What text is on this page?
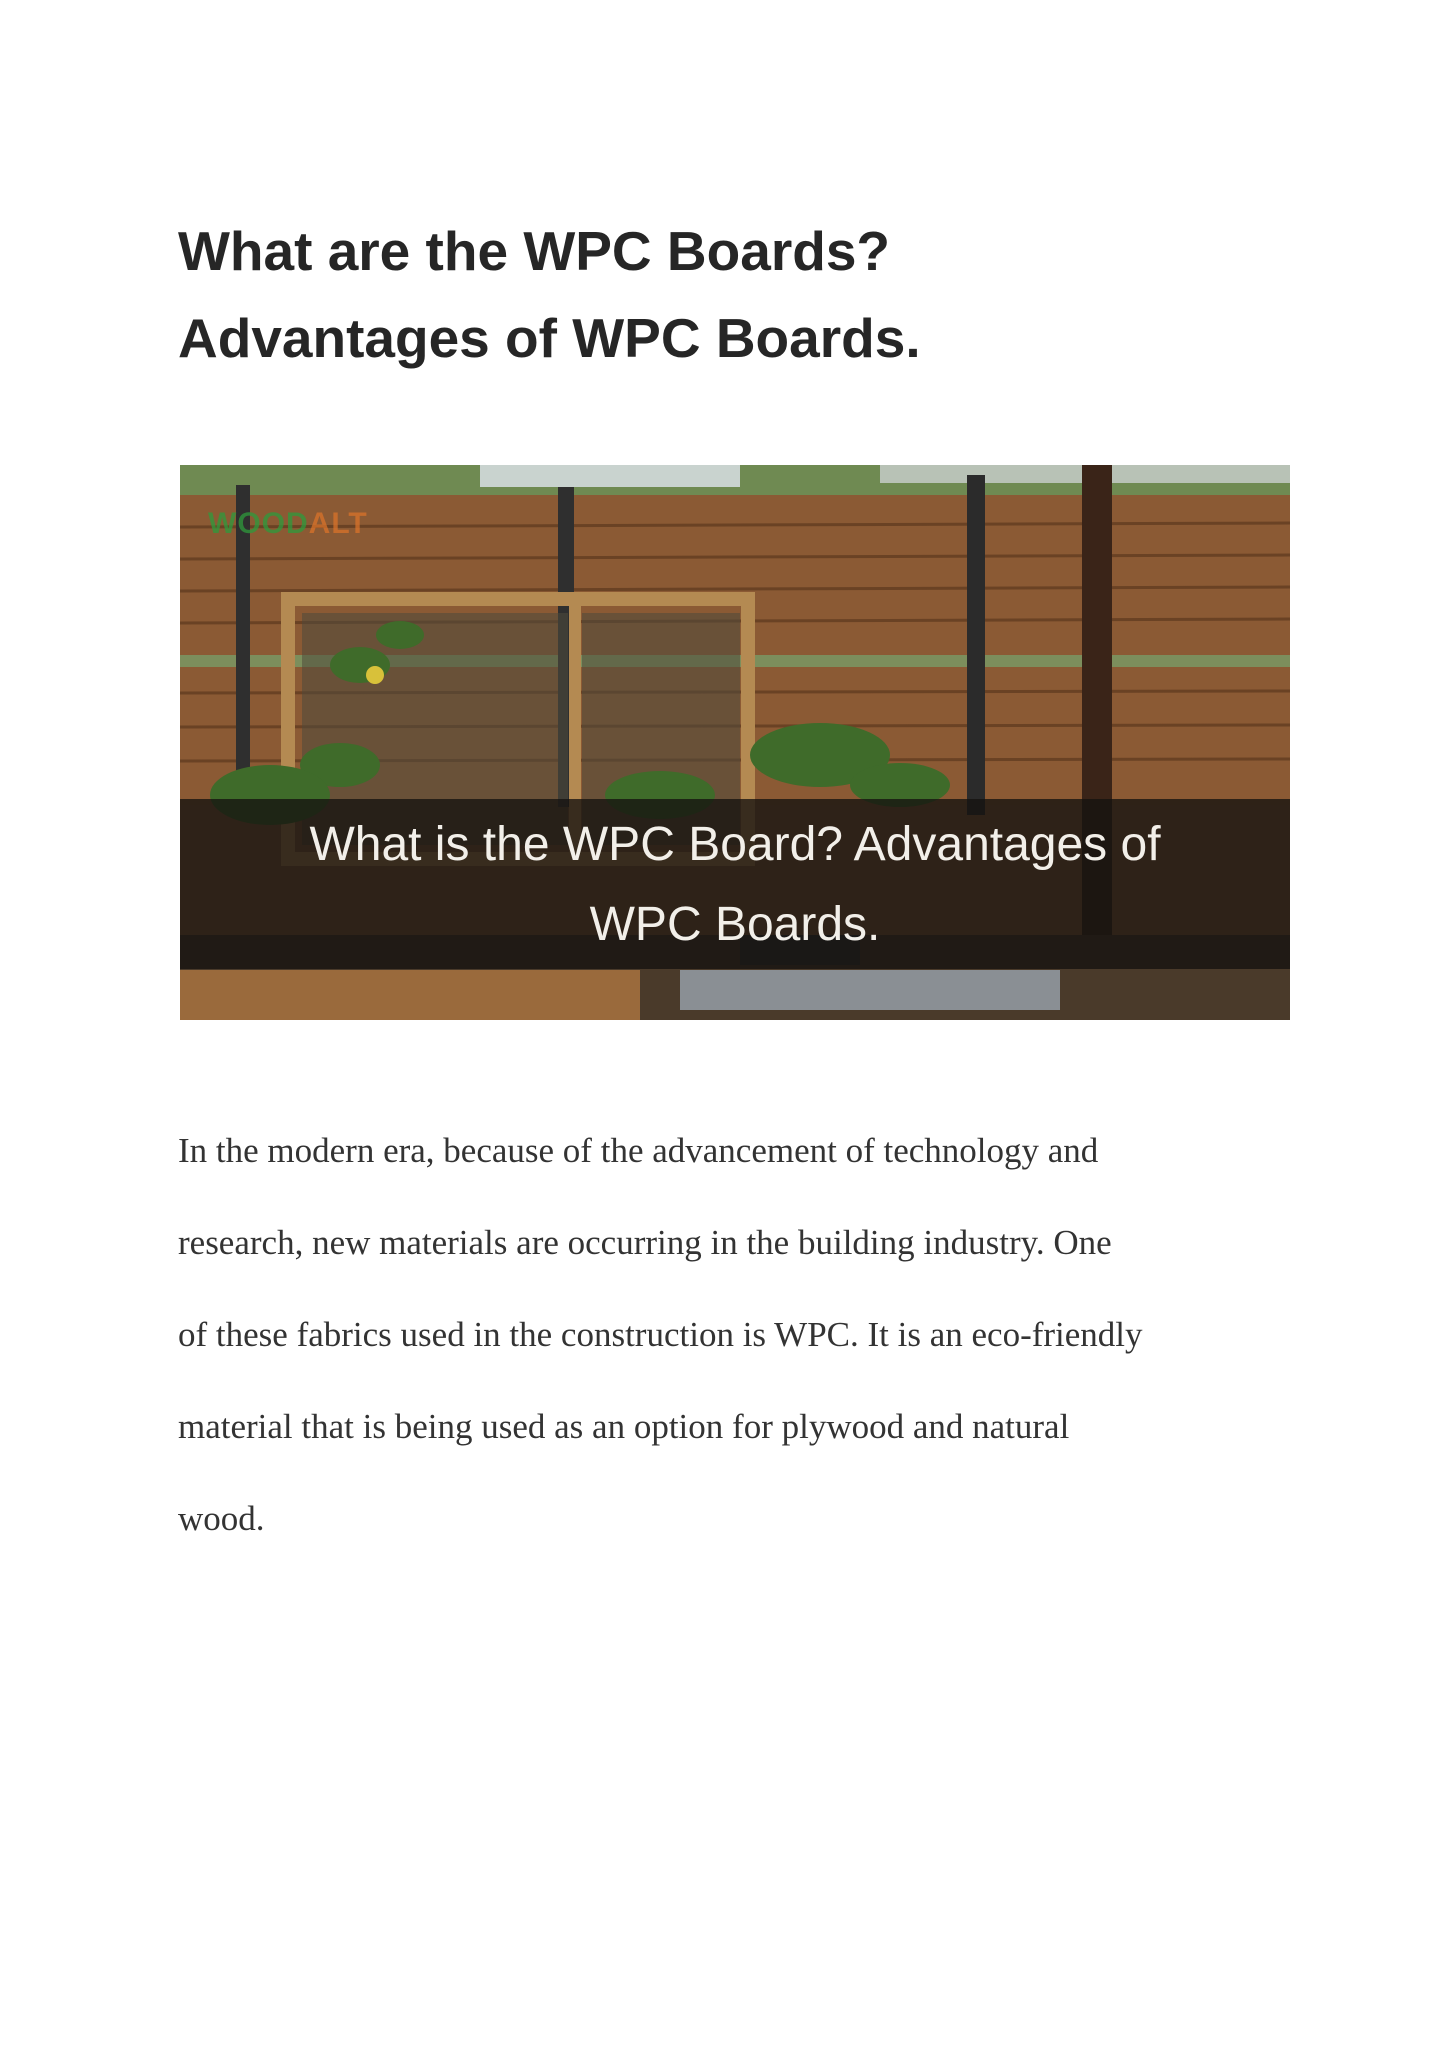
What are the WPC Boards?
Advantages of WPC Boards.
WOODALT
What is the WPC Board? Advantages of
WPC Boards.

In the modern era, because of the advancement of technology and
research, new materials are occurring in the building industry. One
of these fabrics used in the construction is WPC. It is an eco-friendly
material that is being used as an option for plywood and natural
wood.
